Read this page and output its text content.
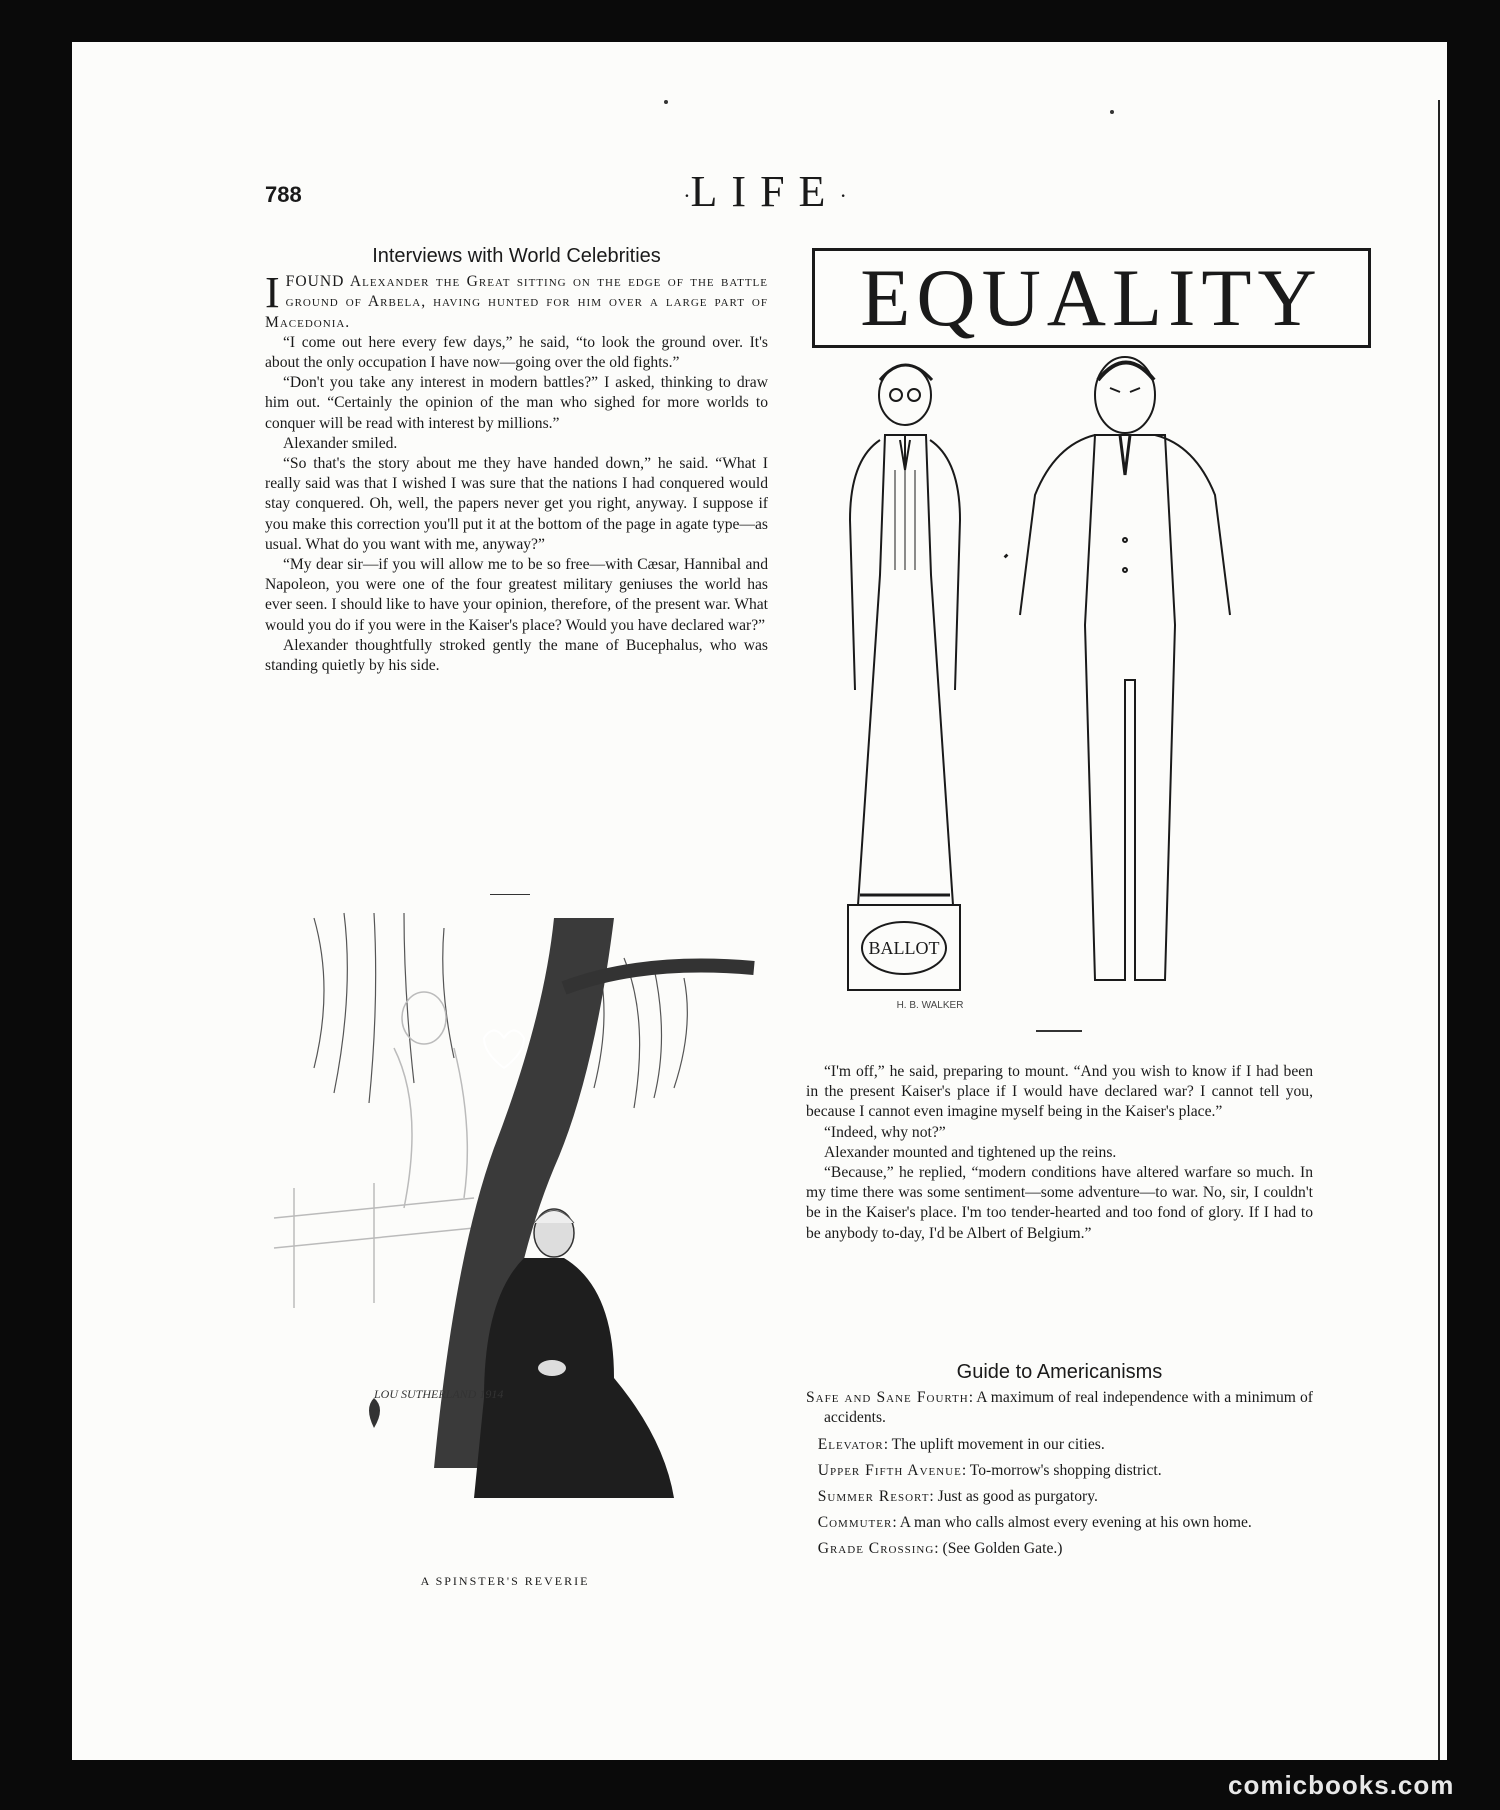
788	·LIFE·
Interviews with World Celebrities

IFOUND Alexander the Great sitting on the edge of the battle ground of Arbela, having hunted for him over a large part of Macedonia.

“I come out here every few days,” he said, “to look the ground over. It's about the only occupation I have now—going over the old fights.”

“Don't you take any interest in modern battles?” I asked, thinking to draw him out. “Certainly the opinion of the man who sighed for more worlds to conquer will be read with interest by millions.”

Alexander smiled.

“So that's the story about me they have handed down,” he said. “What I really said was that I wished I was sure that the nations I had conquered would stay conquered. Oh, well, the papers never get you right, anyway. I suppose if you make this correction you'll put it at the bottom of the page in agate type—as usual. What do you want with me, anyway?”

“My dear sir—if you will allow me to be so free—with Cæsar, Hannibal and Napoleon, you were one of the four greatest military geniuses the world has ever seen. I should like to have your opinion, therefore, of the present war. What would you do if you were in the Kaiser's place? Would you have declared war?”

Alexander thoughtfully stroked gently the mane of Bucephalus, who was standing quietly by his side.

EQUALITY
BALLOT
H. B. WALKER

“I'm off,” he said, preparing to mount. “And you wish to know if I had been in the present Kaiser's place if I would have declared war? I cannot tell you, because I cannot even imagine myself being in the Kaiser's place.”

“Indeed, why not?”

Alexander mounted and tightened up the reins.

“Because,” he replied, “modern conditions have altered warfare so much. In my time there was some sentiment—some adventure—to war. No, sir, I couldn't be in the Kaiser's place. I'm too tender-hearted and too fond of glory. If I had to be anybody to-day, I'd be Albert of Belgium.”

Guide to Americanisms

Safe and Sane Fourth: A maximum of real independence with a minimum of accidents.

Elevator: The uplift movement in our cities.

Upper Fifth Avenue: To-morrow's shopping district.

Summer Resort: Just as good as purgatory.

Commuter: A man who calls almost every evening at his own home.

Grade Crossing: (See Golden Gate.)

LOU SUTHERLAND 1914
A SPINSTER'S REVERIE
comicbooks.com
